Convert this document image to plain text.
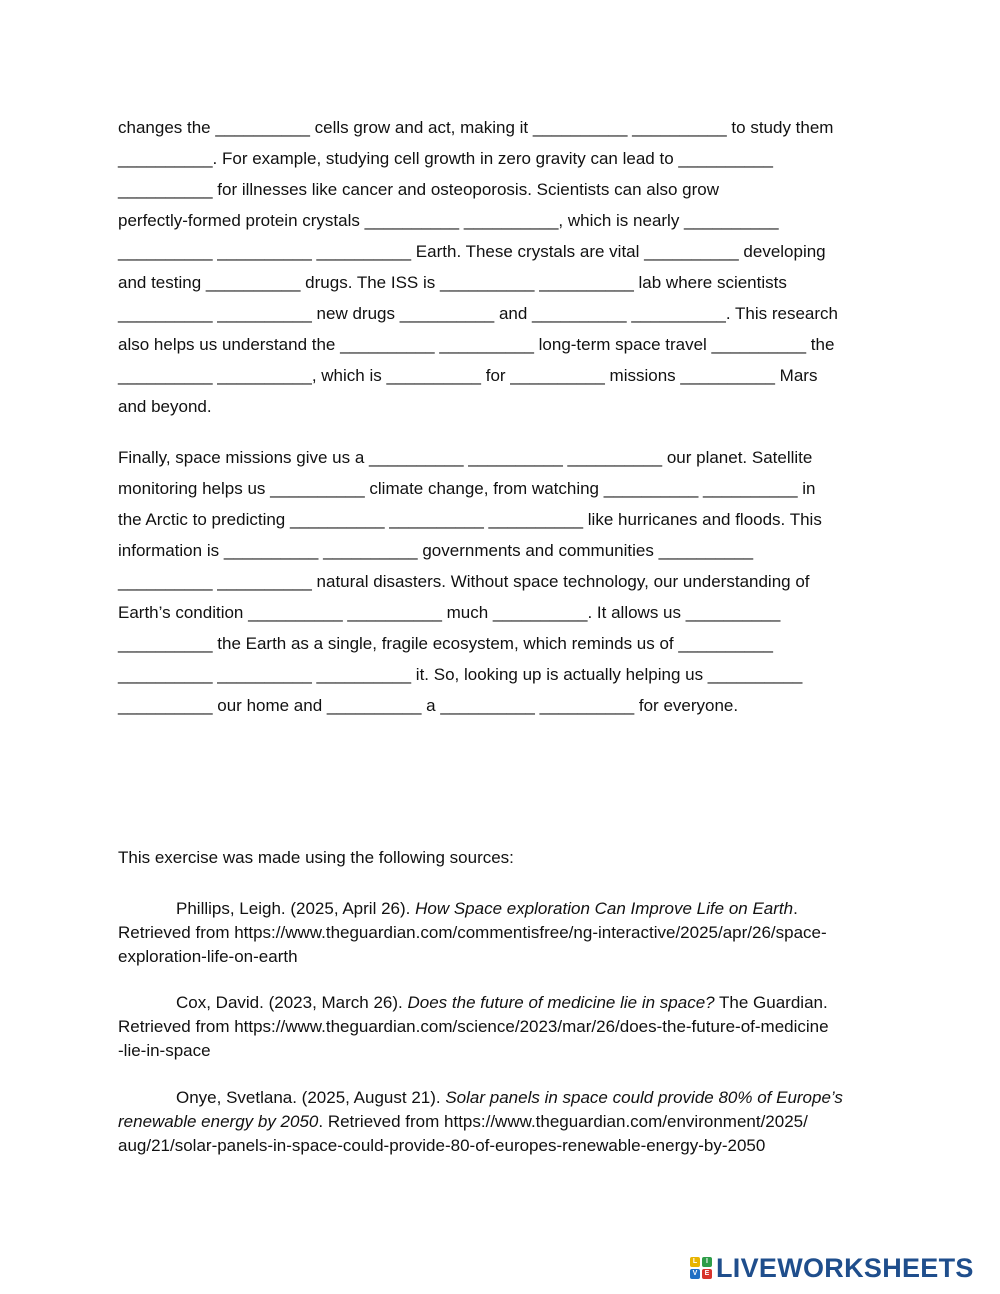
changes the __________ cells grow and act, making it __________ __________ to study them
__________. For example, studying cell growth in zero gravity can lead to __________
__________ for illnesses like cancer and osteoporosis. Scientists can also grow
perfectly-formed protein crystals __________ __________, which is nearly __________
__________ __________ __________ Earth. These crystals are vital __________ developing
and testing __________ drugs. The ISS is __________ __________ lab where scientists
__________ __________ new drugs __________ and __________ __________. This research
also helps us understand the __________ __________ long-term space travel __________ the
__________ __________, which is __________ for __________ missions __________ Mars
and beyond.
Finally, space missions give us a __________ __________ __________ our planet. Satellite
monitoring helps us __________ climate change, from watching __________ __________ in
the Arctic to predicting __________ __________ __________ like hurricanes and floods. This
information is __________ __________ governments and communities __________
__________ __________ natural disasters. Without space technology, our understanding of
Earth’s condition __________ __________ much __________. It allows us __________
__________ the Earth as a single, fragile ecosystem, which reminds us of __________
__________ __________ __________ it. So, looking up is actually helping us __________
__________ our home and __________ a __________ __________ for everyone.
This exercise was made using the following sources:
Phillips, Leigh. (2025, April 26). How Space exploration Can Improve Life on Earth.
Retrieved from https://www.theguardian.com/commentisfree/ng-interactive/2025/apr/26/space-
exploration-life-on-earth
Cox, David. (2023, March 26). Does the future of medicine lie in space? The Guardian.
Retrieved from https://www.theguardian.com/science/2023/mar/26/does-the-future-of-medicine
-lie-in-space
Onye, Svetlana. (2025, August 21). Solar panels in space could provide 80% of Europe’s
renewable energy by 2050. Retrieved from https://www.theguardian.com/environment/2025/
aug/21/solar-panels-in-space-could-provide-80-of-europes-renewable-energy-by-2050
L	I
V	E LIVEWORKSHEETS
